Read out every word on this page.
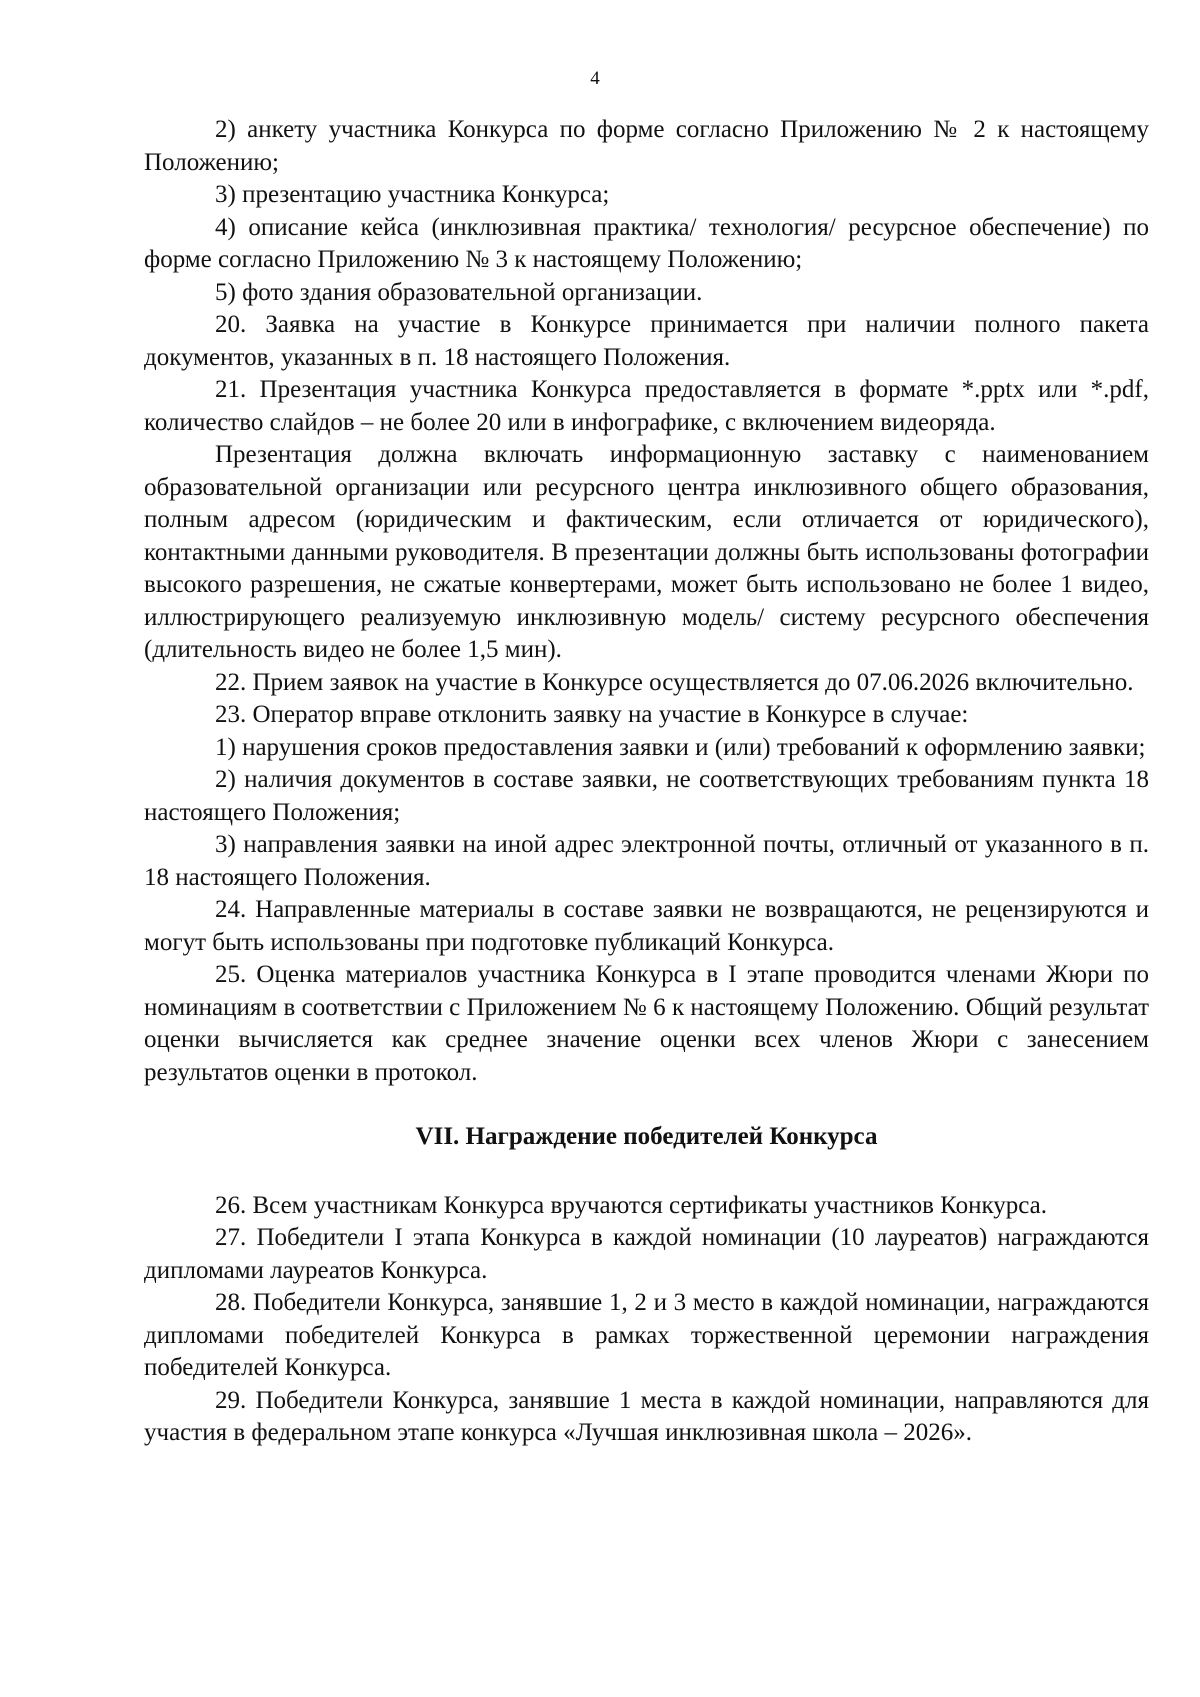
4

2) анкету участника Конкурса по форме согласно Приложению № 2 к настоящему Положению;

3) презентацию участника Конкурса;

4) описание кейса (инклюзивная практика/ технология/ ресурсное обеспечение) по форме согласно Приложению № 3 к настоящему Положению;

5) фото здания образовательной организации.

20. Заявка на участие в Конкурсе принимается при наличии полного пакета документов, указанных в п. 18 настоящего Положения.

21. Презентация участника Конкурса предоставляется в формате *.pptx или *.pdf, количество слайдов – не более 20 или в инфографике, с включением видеоряда.

Презентация должна включать информационную заставку с наименованием образовательной организации или ресурсного центра инклюзивного общего образования, полным адресом (юридическим и фактическим, если отличается от юридического), контактными данными руководителя. В презентации должны быть использованы фотографии высокого разрешения, не сжатые конвертерами, может быть использовано не более 1 видео, иллюстрирующего реализуемую инклюзивную модель/ систему ресурсного обеспечения (длительность видео не более 1,5 мин).

22. Прием заявок на участие в Конкурсе осуществляется до 07.06.2026 включительно.

23. Оператор вправе отклонить заявку на участие в Конкурсе в случае:

1) нарушения сроков предоставления заявки и (или) требований к оформлению заявки;

2) наличия документов в составе заявки, не соответствующих требованиям пункта 18 настоящего Положения;

3) направления заявки на иной адрес электронной почты, отличный от указанного в п. 18 настоящего Положения.

24. Направленные материалы в составе заявки не возвращаются, не рецензируются и могут быть использованы при подготовке публикаций Конкурса.

25. Оценка материалов участника Конкурса в I этапе проводится членами Жюри по номинациям в соответствии с Приложением № 6 к настоящему Положению. Общий результат оценки вычисляется как среднее значение оценки всех членов Жюри с занесением результатов оценки в протокол.

VII. Награждение победителей Конкурса

26. Всем участникам Конкурса вручаются сертификаты участников Конкурса.

27. Победители I этапа Конкурса в каждой номинации (10 лауреатов) награждаются дипломами лауреатов Конкурса.

28. Победители Конкурса, занявшие 1, 2 и 3 место в каждой номинации, награждаются дипломами победителей Конкурса в рамках торжественной церемонии награждения победителей Конкурса.

29. Победители Конкурса, занявшие 1 места в каждой номинации, направляются для участия в федеральном этапе конкурса «Лучшая инклюзивная школа – 2026».
